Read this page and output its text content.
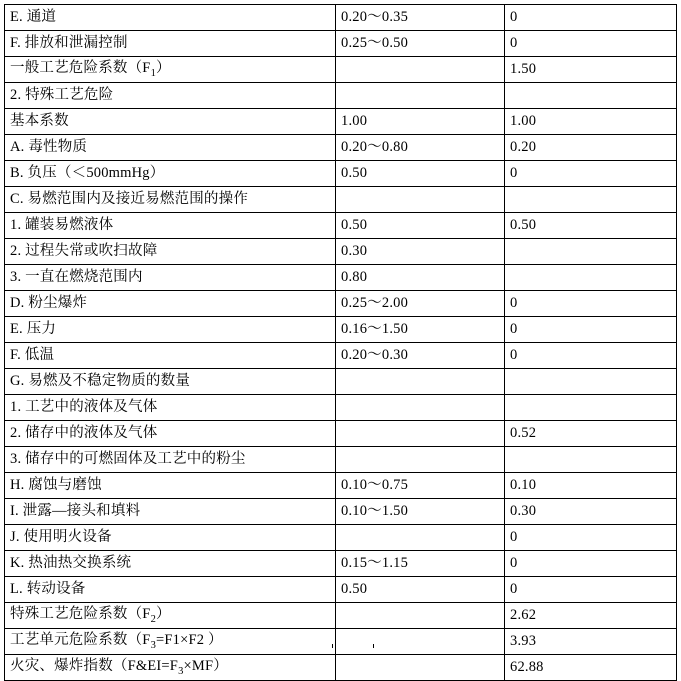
E. 通道	0.20～0.35	0
F. 排放和泄漏控制	0.25～0.50	0
一般工艺危险系数$(F_1)$		1.50
2. 特殊工艺危险		
基本系数	1.00	1.00
A. 毒性物质	0.20～0.80	0.20
B. 负压（＜500mmHg）	0.50	0
C. 易燃范围内及接近易燃范围的操作		
1. 罐装易燃液体	0.50	0.50
2. 过程失常或吹扫故障	0.30	
3. 一直在燃烧范围内	0.80	
D. 粉尘爆炸	0.25～2.00	0
E. 压力	0.16～1.50	0
F. 低温	0.20～0.30	0
G. 易燃及不稳定物质的数量		
1. 工艺中的液体及气体		
2. 储存中的液体及气体		0.52
3. 储存中的可燃固体及工艺中的粉尘		
H. 腐蚀与磨蚀	0.10～0.75	0.10
I. 泄露—接头和填料	0.10～1.50	0.30
J. 使用明火设备		0
K. 热油热交换系统	0.15～1.15	0
L. 转动设备	0.50	0
特殊工艺危险系数$(F_2)$		2.62
工艺单元危险系数（$F_3=F1\times F2$ ）		3.93
火灾、爆炸指数$(F\&EI=F_3\times MF)$		62.88
